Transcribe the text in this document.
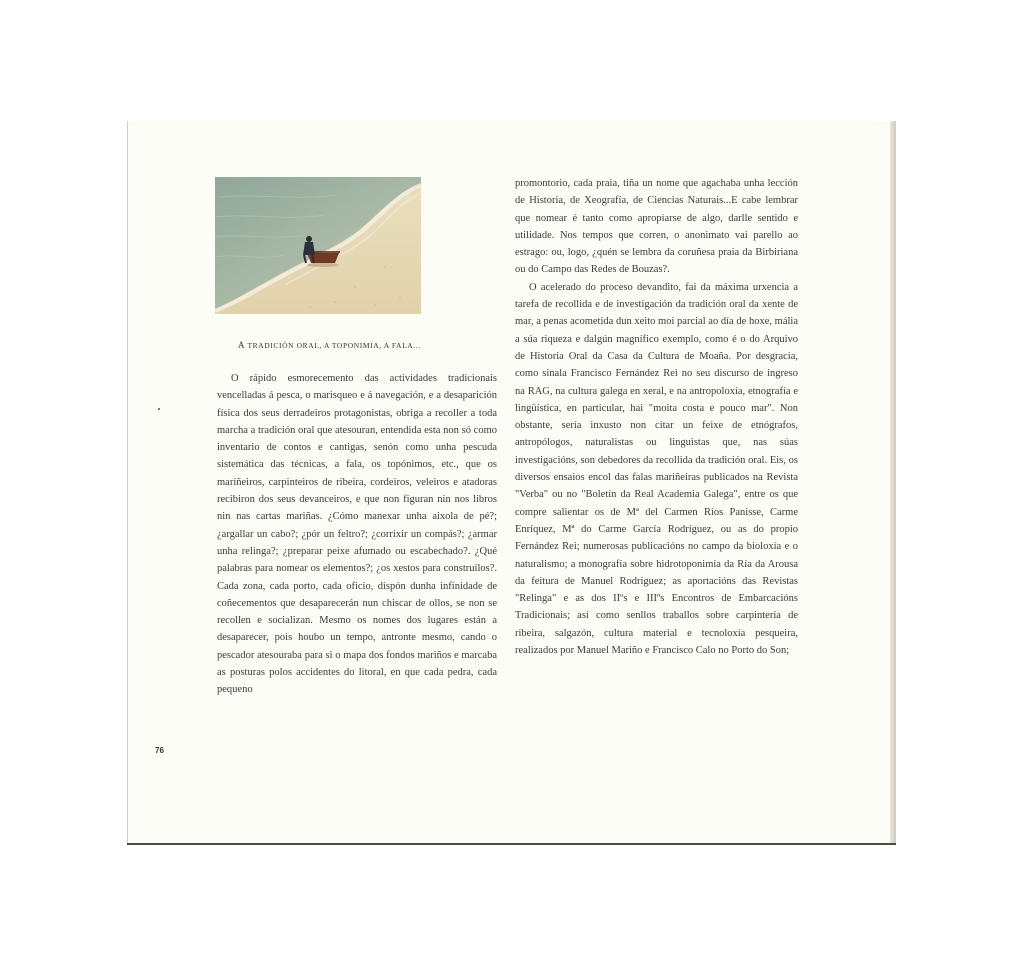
A TRADICIÓN ORAL, A TOPONIMIA, A FALA...

O rápido esmorecemento das actividades tradicionais vencelladas á pesca, o marisqueo e á navegación, e a desaparición física dos seus derradeiros protagonistas, obriga a recoller a toda marcha a tradición oral que atesouran, entendida esta non só como inventario de contos e cantigas, senón como unha pescuda sistemática das técnicas, a fala, os topónimos, etc., que os mariñeiros, carpinteiros de ribeira, cordeiros, veleiros e atadoras recibiron dos seus devanceiros, e que non figuran nin nos libros nin nas cartas mariñas. ¿Cómo manexar unha aixola de pé?; ¿argallar un cabo?; ¿pór un feltro?; ¿corrixir un compás?; ¿armar unha relinga?; ¿preparar peixe afumado ou escabechado?. ¿Qué palabras para nomear os elementos?; ¿os xestos para construílos?. Cada zona, cada porto, cada oficio, dispón dunha infinidade de coñecementos que desaparecerán nun chiscar de ollos, se non se recollen e socializan. Mesmo os nomes dos lugares están a desaparecer, pois houbo un tempo, antronte mesmo, cando o pescador atesouraba para si o mapa dos fondos mariños e marcaba as posturas polos accidentes do litoral, en que cada pedra, cada pequeno

promontorio, cada praia, tiña un nome que agachaba unha lección de Historia, de Xeografía, de Ciencias Naturais...E cabe lembrar que nomear é tanto como apropiarse de algo, darlle sentido e utilidade. Nos tempos que corren, o anonimato vai parello ao estrago: ou, logo, ¿quén se lembra da coruñesa praia da Birbiriana ou do Campo das Redes de Bouzas?.

O acelerado do proceso devandito, fai da máxima urxencia a tarefa de recollida e de investigación da tradición oral da xente de mar, a penas acometida dun xeito moi parcial ao día de hoxe, mália a súa riqueza e dalgún magnífico exemplo, como é o do Arquivo de Historia Oral da Casa da Cultura de Moaña. Por desgracia, como sinala Francisco Fernández Rei no seu discurso de ingreso na RAG, na cultura galega en xeral, e na antropoloxía, etnografía e lingüística, en particular, hai "moita costa e pouco mar". Non obstante, sería inxusto non citar un feixe de etnógrafos, antropólogos, naturalistas ou linguistas que, nas súas investigacións, son debedores da recollida da tradición oral. Eis, os diversos ensaios encol das falas mariñeiras publicados na Revista "Verba" ou no "Boletín da Real Academia Galega", entre os que compre salientar os de Mª del Carmen Ríos Panisse, Carme Enríquez, Mª do Carme García Rodríguez, ou as do propio Fernández Rei; numerosas publicacións no campo da bioloxía e o naturalismo; a monografía sobre hidrotoponimia da Ría da Arousa da feitura de Manuel Rodríguez; as aportacións das Revistas "Relinga" e as dos IIºs e IIIºs Encontros de Embarcacións Tradicionais; así como senllos traballos sobre carpintería de ribeira, salgazón, cultura material e tecnoloxía pesqueira, realizados por Manuel Mariño e Francisco Calo no Porto do Son;

76
